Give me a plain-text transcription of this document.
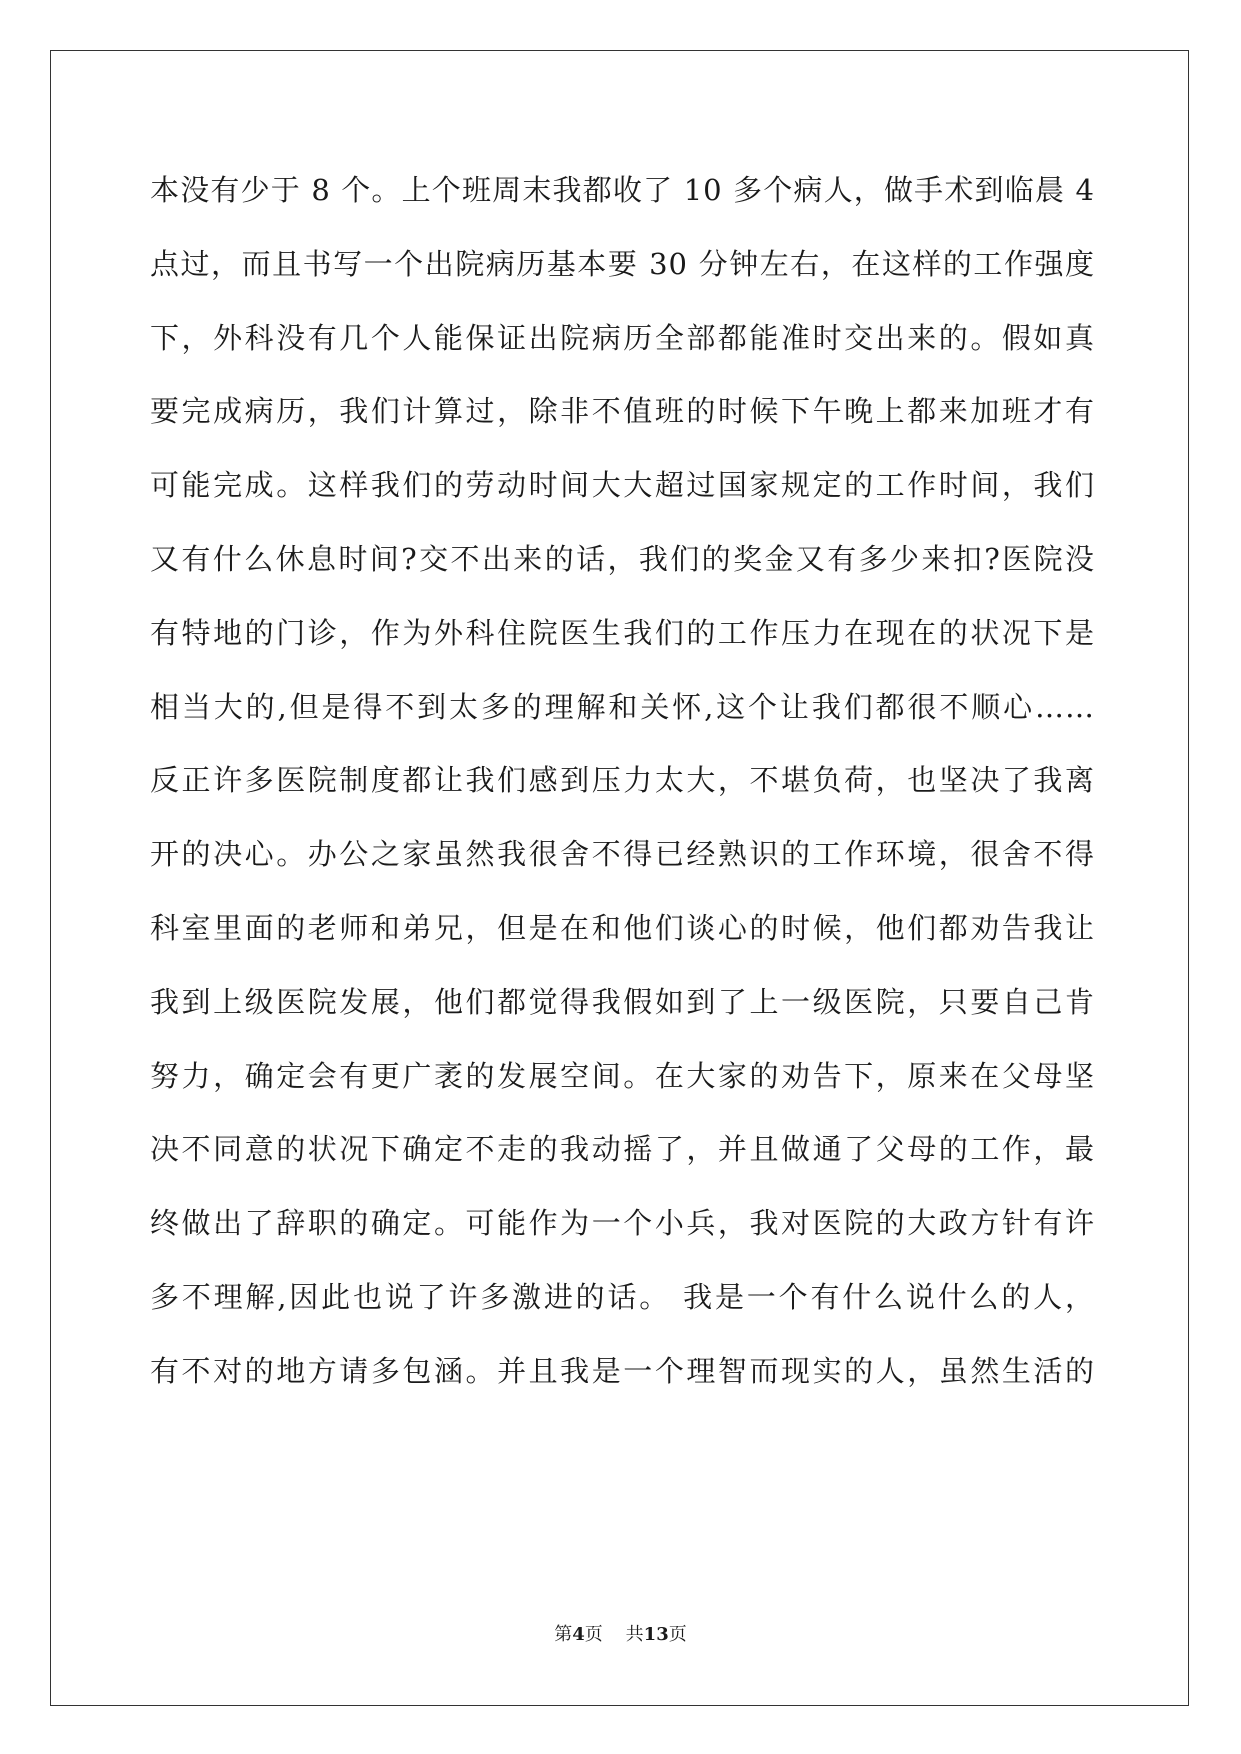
本没有少于 8 个。上个班周末我都收了 10 多个病人，做手术到临晨 4
点过，而且书写一个出院病历基本要 30 分钟左右，在这样的工作强度
下，外科没有几个人能保证出院病历全部都能准时交出来的。假如真
要完成病历，我们计算过，除非不值班的时候下午晚上都来加班才有
可能完成。这样我们的劳动时间大大超过国家规定的工作时间，我们
又有什么休息时间?交不出来的话，我们的奖金又有多少来扣?医院没
有特地的门诊，作为外科住院医生我们的工作压力在现在的状况下是
相当大的,但是得不到太多的理解和关怀,这个让我们都很不顺心……
反正许多医院制度都让我们感到压力太大，不堪负荷，也坚决了我离
开的决心。办公之家虽然我很舍不得已经熟识的工作环境，很舍不得
科室里面的老师和弟兄，但是在和他们谈心的时候，他们都劝告我让
我到上级医院发展，他们都觉得我假如到了上一级医院，只要自己肯
努力，确定会有更广袤的发展空间。在大家的劝告下，原来在父母坚
决不同意的状况下确定不走的我动摇了，并且做通了父母的工作，最
终做出了辞职的确定。可能作为一个小兵，我对医院的大政方针有许
多不理解,因此也说了许多激进的话。 我是一个有什么说什么的人，
有不对的地方请多包涵。并且我是一个理智而现实的人，虽然生活的
第4页 共13页
